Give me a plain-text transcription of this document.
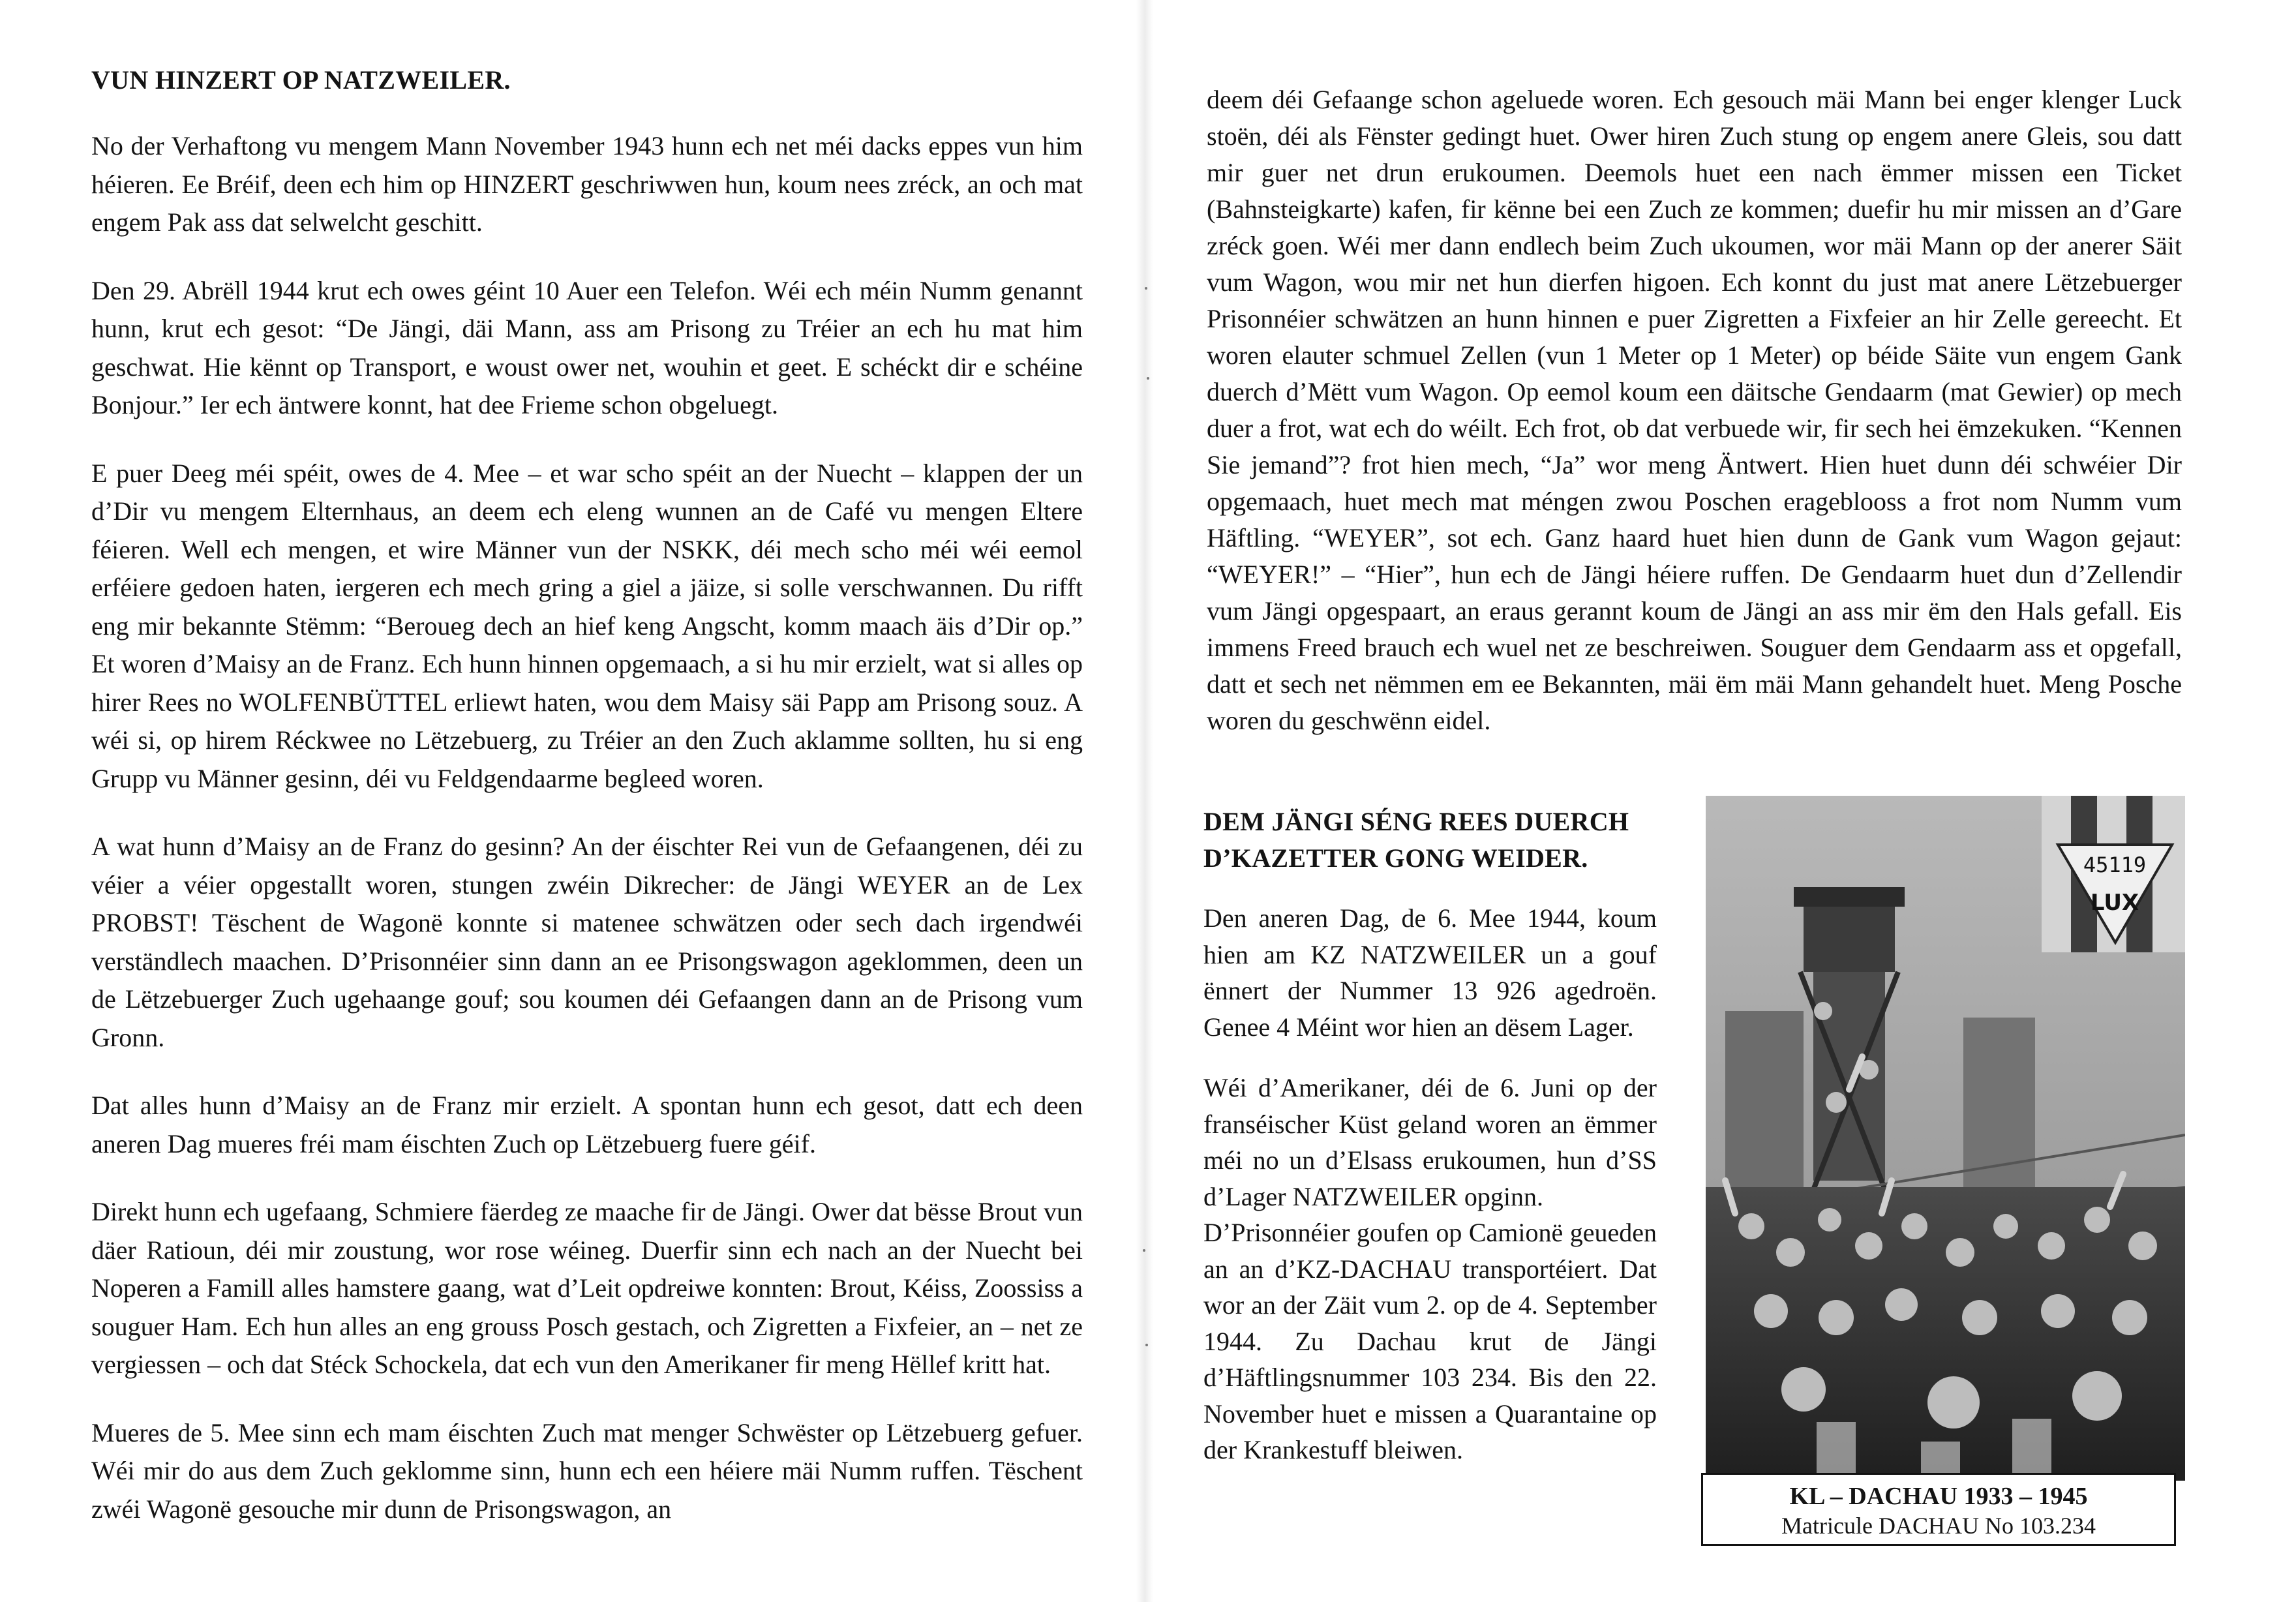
VUN HINZERT OP NATZWEILER.

No der Verhaftong vu mengem Mann November 1943 hunn ech net méi dacks eppes vun him héieren. Ee Bréif, deen ech him op HINZERT geschriwwen hun, koum nees zréck, an och mat engem Pak ass dat selwelcht geschitt.

Den 29. Abrëll 1944 krut ech owes géint 10 Auer een Telefon. Wéi ech méin Numm genannt hunn, krut ech gesot: “De Jängi, däi Mann, ass am Prisong zu Tréier an ech hu mat him geschwat. Hie kënnt op Transport, e woust ower net, wouhin et geet. E schéckt dir e schéine Bonjour.” Ier ech äntwere konnt, hat dee Frieme schon obgeluegt.

E puer Deeg méi spéit, owes de 4. Mee – et war scho spéit an der Nuecht – klappen der un d’Dir vu mengem Elternhaus, an deem ech eleng wunnen an de Café vu mengen Eltere féieren. Well ech mengen, et wire Männer vun der NSKK, déi mech scho méi wéi eemol erféiere gedoen haten, iergeren ech mech gring a giel a jäize, si solle verschwannen. Du rifft eng mir bekannte Stëmm: “Beroueg dech an hief keng Angscht, komm maach äis d’Dir op.” Et woren d’Maisy an de Franz. Ech hunn hinnen opgemaach, a si hu mir erzielt, wat si alles op hirer Rees no WOLFENBÜTTEL erliewt haten, wou dem Maisy säi Papp am Prisong souz. A wéi si, op hirem Réckwee no Lëtzebuerg, zu Tréier an den Zuch aklamme sollten, hu si eng Grupp vu Männer gesinn, déi vu Feldgendaarme begleed woren.

A wat hunn d’Maisy an de Franz do gesinn? An der éischter Rei vun de Gefaangenen, déi zu véier a véier opgestallt woren, stungen zwéin Dikrecher: de Jängi WEYER an de Lex PROBST! Tëschent de Wagonë konnte si matenee schwätzen oder sech dach irgendwéi verständlech maachen. D’Prisonnéier sinn dann an ee Prisongswagon ageklommen, deen un de Lëtzebuerger Zuch ugehaange gouf; sou koumen déi Gefaangen dann an de Prisong vum Gronn.

Dat alles hunn d’Maisy an de Franz mir erzielt. A spontan hunn ech gesot, datt ech deen aneren Dag mueres fréi mam éischten Zuch op Lëtzebuerg fuere géif.

Direkt hunn ech ugefaang, Schmiere fäerdeg ze maache fir de Jängi. Ower dat bësse Brout vun däer Ratioun, déi mir zoustung, wor rose wéineg. Duerfir sinn ech nach an der Nuecht bei Noperen a Famill alles hamstere gaang, wat d’Leit opdreiwe konnten: Brout, Kéiss, Zoossiss a souguer Ham. Ech hun alles an eng grouss Posch gestach, och Zigretten a Fixfeier, an – net ze vergiessen – och dat Stéck Schockela, dat ech vun den Amerikaner fir meng Hëllef kritt hat.

Mueres de 5. Mee sinn ech mam éischten Zuch mat menger Schwëster op Lëtzebuerg gefuer. Wéi mir do aus dem Zuch geklomme sinn, hunn ech een héiere mäi Numm ruffen. Tëschent zwéi Wagonë gesouche mir dunn de Prisongswagon, an

deem déi Gefaange schon ageluede woren. Ech gesouch mäi Mann bei enger klenger Luck stoën, déi als Fënster gedingt huet. Ower hiren Zuch stung op engem anere Gleis, sou datt mir guer net drun erukoumen. Deemols huet een nach ëmmer missen een Ticket (Bahnsteigkarte) kafen, fir kënne bei een Zuch ze kommen; duefir hu mir missen an d’Gare zréck goen. Wéi mer dann endlech beim Zuch ukoumen, wor mäi Mann op der anerer Säit vum Wagon, wou mir net hun dierfen higoen. Ech konnt du just mat anere Lëtzebuerger Prisonnéier schwätzen an hunn hinnen e puer Zigretten a Fixfeier an hir Zelle gereecht. Et woren elauter schmuel Zellen (vun 1 Meter op 1 Meter) op béide Säite vun engem Gank duerch d’Mëtt vum Wagon. Op eemol koum een däitsche Gendaarm (mat Gewier) op mech duer a frot, wat ech do wéilt. Ech frot, ob dat verbuede wir, fir sech hei ëmzekuken. “Kennen Sie jemand”? frot hien mech, “Ja” wor meng Äntwert. Hien huet dunn déi schwéier Dir opgemaach, huet mech mat méngen zwou Poschen erageblooss a frot nom Numm vum Häftling. “WEYER”, sot ech. Ganz haard huet hien dunn de Gank vum Wagon gejaut: “WEYER!” – “Hier”, hun ech de Jängi héiere ruffen. De Gendaarm huet dun d’Zellendir vum Jängi opgespaart, an eraus gerannt koum de Jängi an ass mir ëm den Hals gefall. Eis immens Freed brauch ech wuel net ze beschreiwen. Souguer dem Gendaarm ass et opgefall, datt et sech net nëmmen em ee Bekannten, mäi ëm mäi Mann gehandelt huet. Meng Posche woren du geschwënn eidel.

DEM JÄNGI SÉNG REES DUERCH
D’KAZETTER GONG WEIDER.

Den aneren Dag, de 6. Mee 1944, koum hien am KZ NATZWEILER un a gouf ënnert der Nummer 13 926 agedroën. Genee 4 Méint wor hien an dësem Lager.

Wéi d’Amerikaner, déi de 6. Juni op der franséischer Küst geland woren an ëmmer méi no un d’Elsass erukoumen, hun d’SS d’Lager NATZWEILER opginn.

D’Prisonnéier goufen op Camionë geueden an an d’KZ-DACHAU transportéiert. Dat wor an der Zäit vum 2. op de 4. September 1944. Zu Dachau krut de Jängi d’Häftlingsnummer 103 234. Bis den 22. November huet e missen a Quarantaine op der Krankestuff bleiwen.

45119
LUX
KL – DACHAU 1933 – 1945
Matricule DACHAU No 103.234
